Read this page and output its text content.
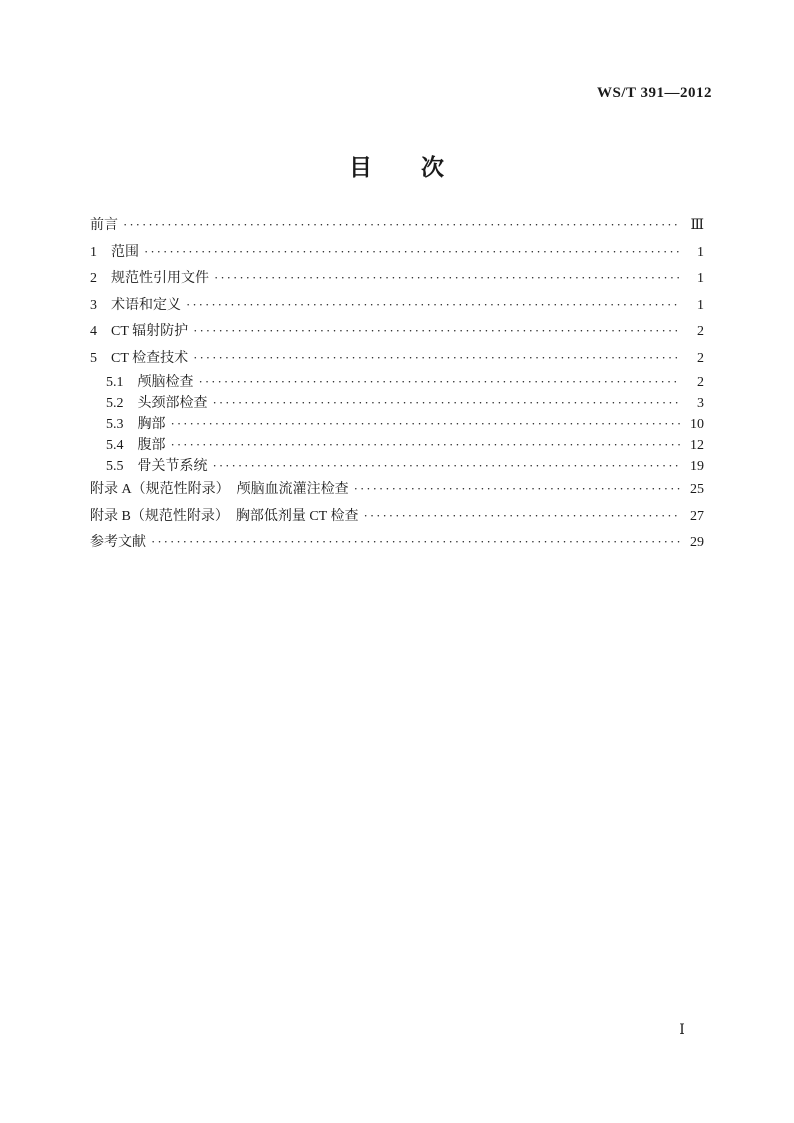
WS/T 391—2012
目　　次
前言 ·····	Ⅲ
1　范围 ·····	1
2　规范性引用文件 ·····	1
3　术语和定义 ·····	1
4　CT 辐射防护 ·····	2
5　CT 检查技术 ·····	2
5.1　颅脑检查 ·····	2
5.2　头颈部检查 ·····	3
5.3　胸部 ·····	10
5.4　腹部 ·····	12
5.5　骨关节系统 ·····	19
附录 A（规范性附录）　颅脑血流灌注检查 ·····	25
附录 B（规范性附录）　胸部低剂量 CT 检查 ·····	27
参考文献 ·····	29
Ⅰ
